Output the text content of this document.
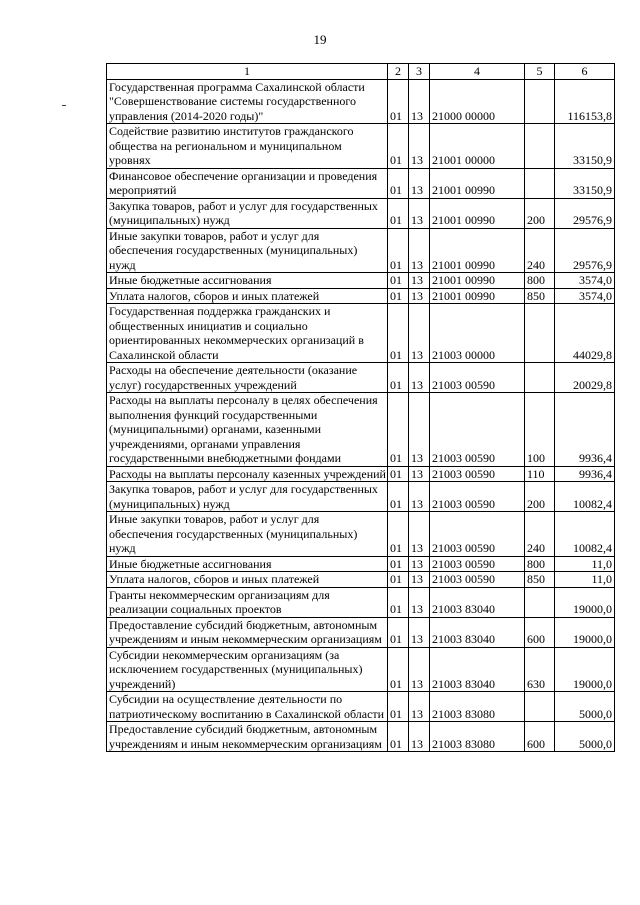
19
1	2	3	4	5	6
Государственная программа Сахалинской области "Совершенствование системы государственного управления (2014-2020 годы)"	01	13	21000 00000		116153,8
Содействие развитию институтов гражданского общества на региональном и муниципальном уровнях	01	13	21001 00000		33150,9
Финансовое обеспечение организации и проведения мероприятий	01	13	21001 00990		33150,9
Закупка товаров, работ и услуг для государственных (муниципальных) нужд	01	13	21001 00990	200	29576,9
Иные закупки товаров, работ и услуг для обеспечения государственных (муниципальных) нужд	01	13	21001 00990	240	29576,9
Иные бюджетные ассигнования	01	13	21001 00990	800	3574,0
Уплата налогов, сборов и иных платежей	01	13	21001 00990	850	3574,0
Государственная поддержка гражданских и общественных инициатив и социально ориентированных некоммерческих организаций в Сахалинской области	01	13	21003 00000		44029,8
Расходы на обеспечение деятельности (оказание услуг) государственных учреждений	01	13	21003 00590		20029,8
Расходы на выплаты персоналу в целях обеспечения выполнения функций государственными (муниципальными) органами, казенными учреждениями, органами управления государственными внебюджетными фондами	01	13	21003 00590	100	9936,4
Расходы на выплаты персоналу казенных учреждений	01	13	21003 00590	110	9936,4
Закупка товаров, работ и услуг для государственных (муниципальных) нужд	01	13	21003 00590	200	10082,4
Иные закупки товаров, работ и услуг для обеспечения государственных (муниципальных) нужд	01	13	21003 00590	240	10082,4
Иные бюджетные ассигнования	01	13	21003 00590	800	11,0
Уплата налогов, сборов и иных платежей	01	13	21003 00590	850	11,0
Гранты некоммерческим организациям для реализации социальных проектов	01	13	21003 83040		19000,0
Предоставление субсидий бюджетным, автономным учреждениям и иным некоммерческим организациям	01	13	21003 83040	600	19000,0
Субсидии некоммерческим организациям (за исключением государственных (муниципальных) учреждений)	01	13	21003 83040	630	19000,0
Субсидии на осуществление деятельности по патриотическому воспитанию в Сахалинской области	01	13	21003 83080		5000,0
Предоставление субсидий бюджетным, автономным учреждениям и иным некоммерческим организациям	01	13	21003 83080	600	5000,0
